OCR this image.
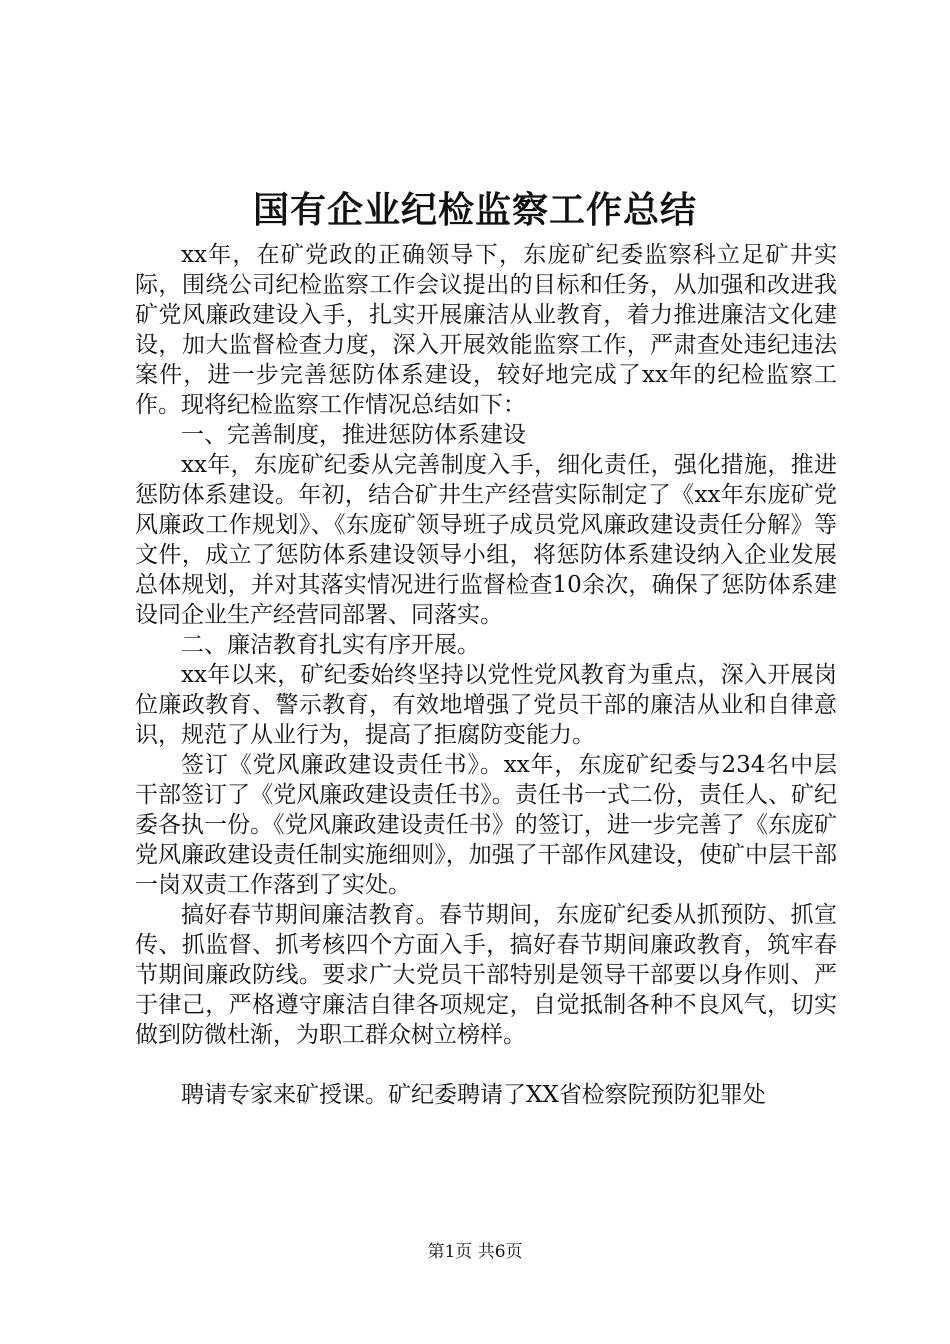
国有企业纪检监察工作总结

xx年，在矿党政的正确领导下，东庞矿纪委监察科立足矿井实际，围绕公司纪检监察工作会议提出的目标和任务，从加强和改进我矿党风廉政建设入手，扎实开展廉洁从业教育，着力推进廉洁文化建设，加大监督检查力度，深入开展效能监察工作，严肃查处违纪违法案件，进一步完善惩防体系建设，较好地完成了xx年的纪检监察工作。现将纪检监察工作情况总结如下：

一、完善制度，推进惩防体系建设

xx年，东庞矿纪委从完善制度入手，细化责任，强化措施，推进惩防体系建设。年初，结合矿井生产经营实际制定了《xx年东庞矿党风廉政工作规划》、《东庞矿领导班子成员党风廉政建设责任分解》等文件，成立了惩防体系建设领导小组，将惩防体系建设纳入企业发展总体规划，并对其落实情况进行监督检查10余次，确保了惩防体系建设同企业生产经营同部署、同落实。

二、廉洁教育扎实有序开展。

xx年以来，矿纪委始终坚持以党性党风教育为重点，深入开展岗位廉政教育、警示教育，有效地增强了党员干部的廉洁从业和自律意识，规范了从业行为，提高了拒腐防变能力。

签订《党风廉政建设责任书》。xx年，东庞矿纪委与234名中层干部签订了《党风廉政建设责任书》。责任书一式二份，责任人、矿纪委各执一份。《党风廉政建设责任书》的签订，进一步完善了《东庞矿党风廉政建设责任制实施细则》，加强了干部作风建设，使矿中层干部一岗双责工作落到了实处。

搞好春节期间廉洁教育。春节期间，东庞矿纪委从抓预防、抓宣传、抓监督、抓考核四个方面入手，搞好春节期间廉政教育，筑牢春节期间廉政防线。要求广大党员干部特别是领导干部要以身作则、严于律己，严格遵守廉洁自律各项规定，自觉抵制各种不良风气，切实做到防微杜渐，为职工群众树立榜样。

聘请专家来矿授课。矿纪委聘请了XX省检察院预防犯罪处

第1页 共6页
